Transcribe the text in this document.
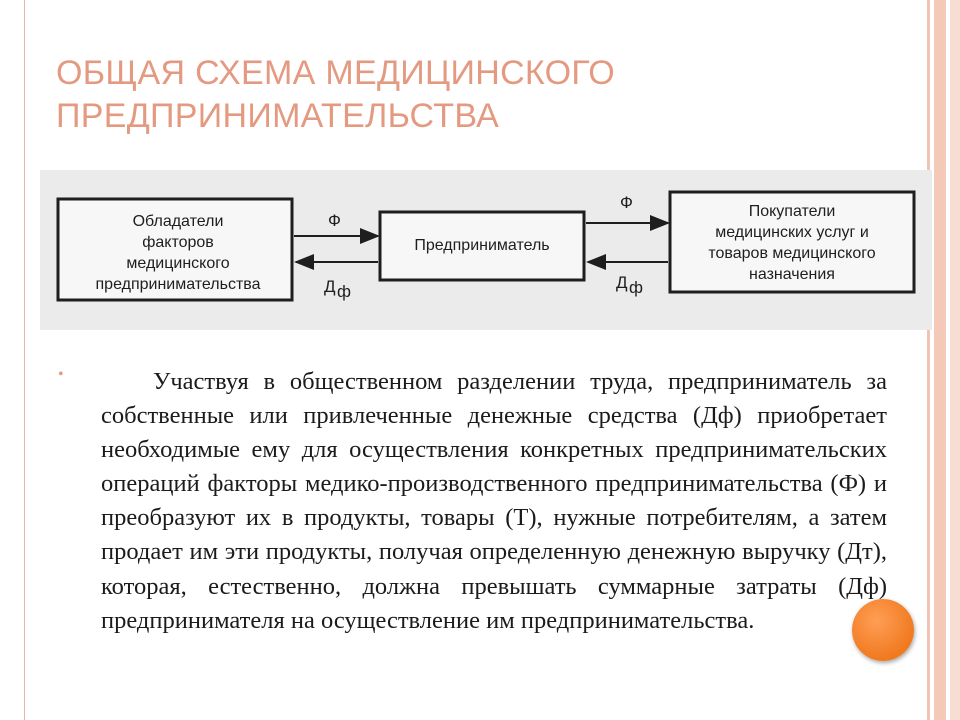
ОБЩАЯ СХЕМА МЕДИЦИНСКОГО
ПРЕДПРИНИМАТЕЛЬСТВА
Обладатели
факторов
медицинского
предпринимательства
Предприниматель
Покупатели
медицинских услуг и
товаров медицинского
назначения
Ф
Д ф
Ф
Д ф
•	Участвуя в общественном разделении труда, предприниматель за собственные или привлеченные денежные средства (Дф) приобретает необходимые ему для осуществления конкретных предпринимательских операций факторы медико-производственного предпринимательства (Ф) и преобразуют их в продукты, товары (Т), нужные потребителям, а затем продает им эти продукты, получая определенную денежную выручку (Дт), которая, естественно, должна превышать суммарные затраты (Дф) предпринимателя на осуществление им предпринимательства.
